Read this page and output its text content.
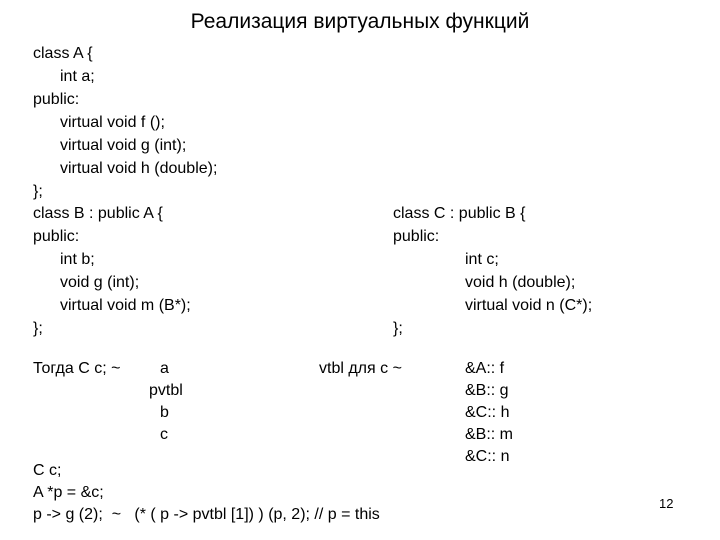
Реализация виртуальных функций
class A {
int a;
public:
virtual void f ();
virtual void g (int);
virtual void h (double);
};
class B : public A {
public:
int b;
void g (int);
virtual void m (B*);
};
class C : public B {
public:
int c;
void h (double);
virtual void n (C*);
};
Тогда C c; ~ a
pvtbl
b
c
vtbl для c ~	&A:: f
&B:: g
&C:: h
&B:: m
&C:: n
C c;
A *p = &c;
p -> g (2);  ~   (* ( p -> pvtbl [1]) ) (p, 2); // p = this
12
